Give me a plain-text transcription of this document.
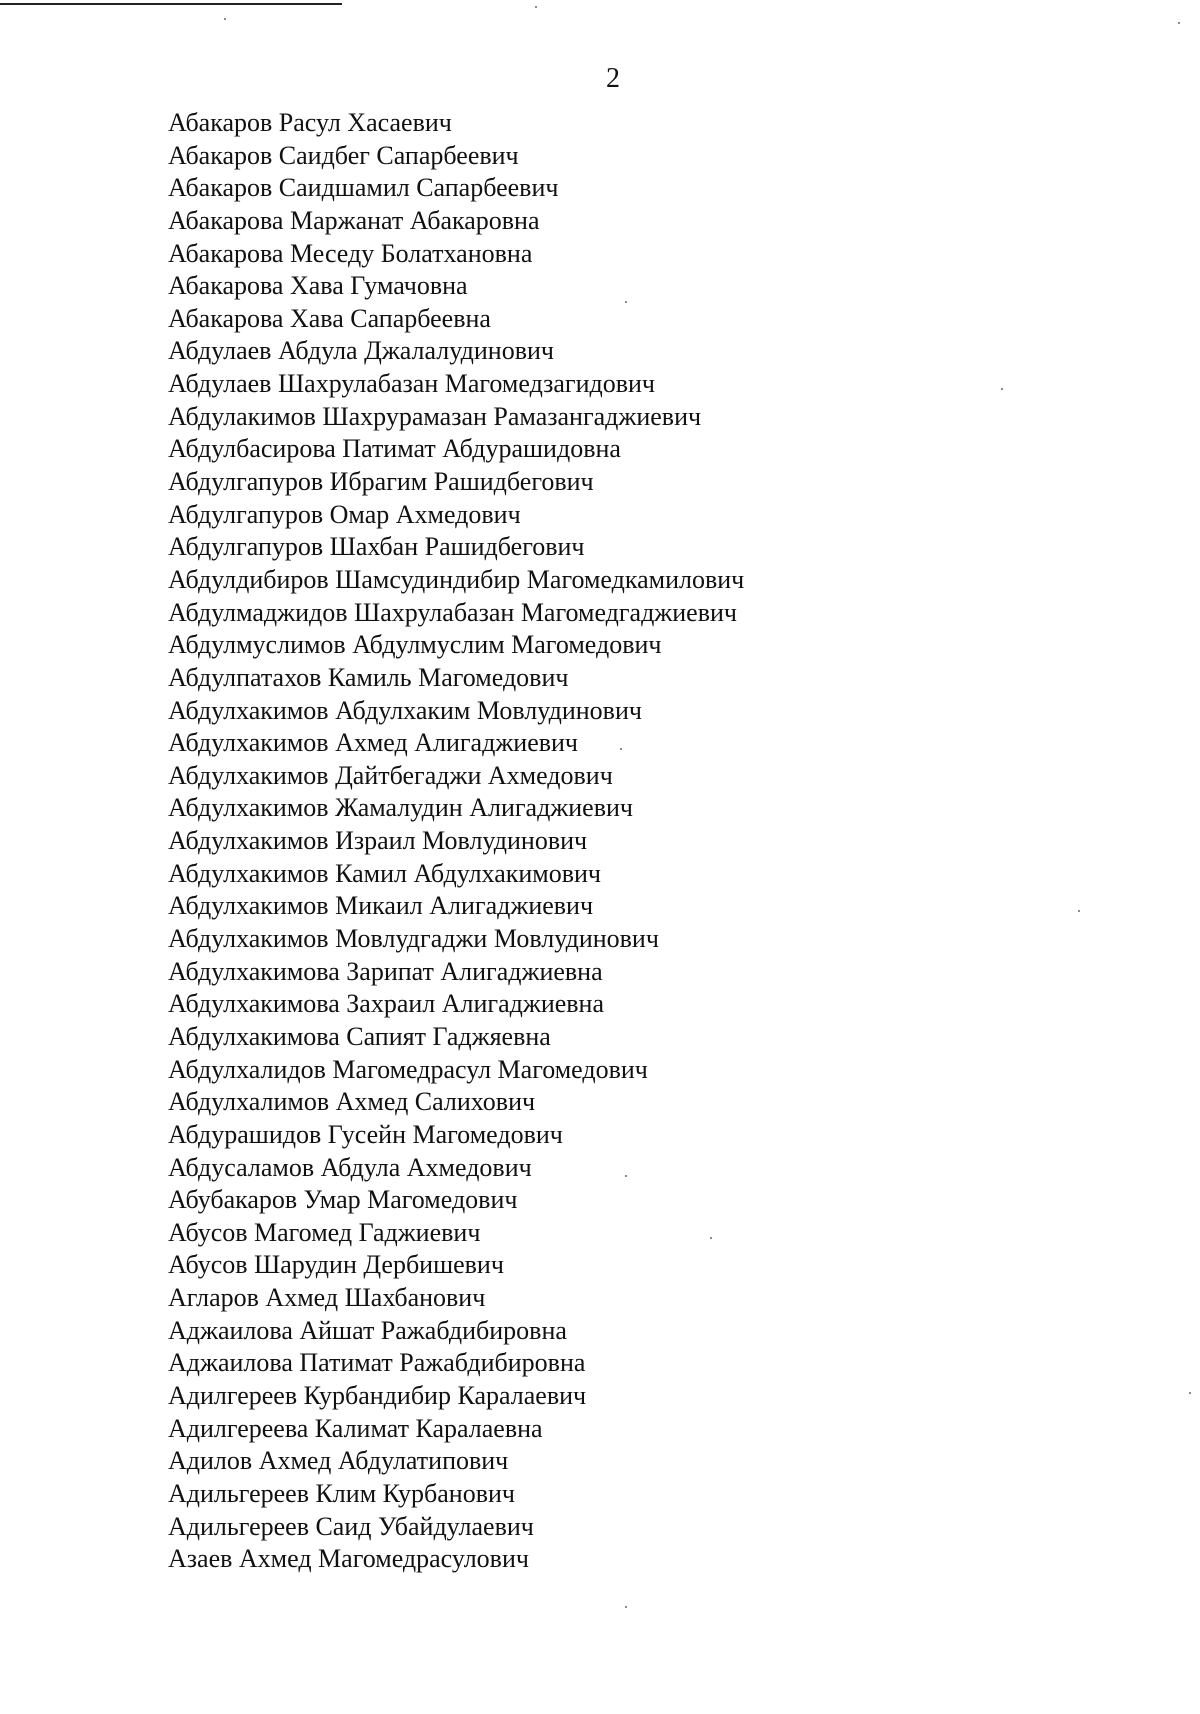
2
Абакаров Расул Хасаевич
Абакаров Саидбег Сапарбеевич
Абакаров Саидшамил Сапарбеевич
Абакарова Маржанат Абакаровна
Абакарова Меседу Болатхановна
Абакарова Хава Гумачовна
Абакарова Хава Сапарбеевна
Абдулаев Абдула Джалалудинович
Абдулаев Шахрулабазан Магомедзагидович
Абдулакимов Шахрурамазан Рамазангаджиевич
Абдулбасирова Патимат Абдурашидовна
Абдулгапуров Ибрагим Рашидбегович
Абдулгапуров Омар Ахмедович
Абдулгапуров Шахбан Рашидбегович
Абдулдибиров Шамсудиндибир Магомедкамилович
Абдулмаджидов Шахрулабазан Магомедгаджиевич
Абдулмуслимов Абдулмуслим Магомедович
Абдулпатахов Камиль Магомедович
Абдулхакимов Абдулхаким Мовлудинович
Абдулхакимов Ахмед Алигаджиевич
Абдулхакимов Дайтбегаджи Ахмедович
Абдулхакимов Жамалудин Алигаджиевич
Абдулхакимов Израил Мовлудинович
Абдулхакимов Камил Абдулхакимович
Абдулхакимов Микаил Алигаджиевич
Абдулхакимов Мовлудгаджи Мовлудинович
Абдулхакимова Зарипат Алигаджиевна
Абдулхакимова Захраил Алигаджиевна
Абдулхакимова Сапият Гаджяевна
Абдулхалидов Магомедрасул Магомедович
Абдулхалимов Ахмед Салихович
Абдурашидов Гусейн Магомедович
Абдусаламов Абдула Ахмедович
Абубакаров Умар Магомедович
Абусов Магомед Гаджиевич
Абусов Шарудин Дербишевич
Агларов Ахмед Шахбанович
Аджаилова Айшат Ражабдибировна
Аджаилова Патимат Ражабдибировна
Адилгереев Курбандибир Каралаевич
Адилгереева Калимат Каралаевна
Адилов Ахмед Абдулатипович
Адильгереев Клим Курбанович
Адильгереев Саид Убайдулаевич
Азаев Ахмед Магомедрасулович
